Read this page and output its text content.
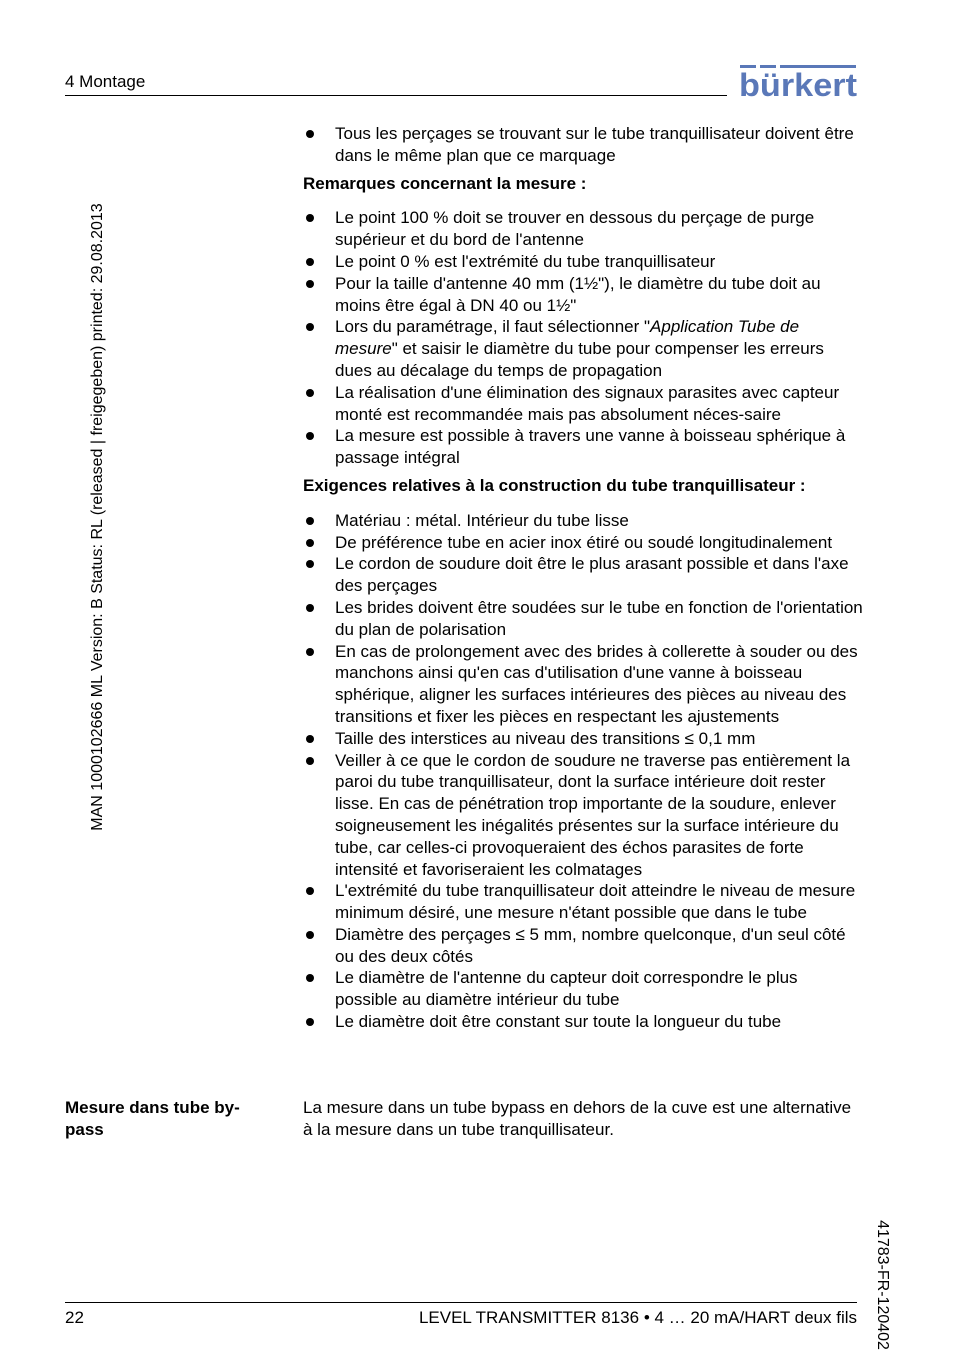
4 Montage	bürkert
MAN 1000102666 ML Version: B Status: RL (released | freigegeben) printed: 29.08.2013
41783-FR-120402
Tous les perçages se trouvant sur le tube tranquillisateur doivent être dans le même plan que ce marquage
Remarques concernant la mesure :
Le point 100 % doit se trouver en dessous du perçage de purge supérieur et du bord de l'antenne
Le point 0 % est l'extrémité du tube tranquillisateur
Pour la taille d'antenne 40 mm (1½"), le diamètre du tube doit au moins être égal à DN 40 ou 1½"
Lors du paramétrage, il faut sélectionner "Application Tube de mesure" et saisir le diamètre du tube pour compenser les erreurs dues au décalage du temps de propagation
La réalisation d'une élimination des signaux parasites avec capteur monté est recommandée mais pas absolument néces-saire
La mesure est possible à travers une vanne à boisseau sphérique à passage intégral
Exigences relatives à la construction du tube tranquillisateur :
Matériau : métal. Intérieur du tube lisse
De préférence tube en acier inox étiré ou soudé longitudinalement
Le cordon de soudure doit être le plus arasant possible et dans l'axe des perçages
Les brides doivent être soudées sur le tube en fonction de l'orientation du plan de polarisation
En cas de prolongement avec des brides à collerette à souder ou des manchons ainsi qu'en cas d'utilisation d'une vanne à boisseau sphérique, aligner les surfaces intérieures des pièces au niveau des transitions et fixer les pièces en respectant les ajustements
Taille des interstices au niveau des transitions ≤ 0,1 mm
Veiller à ce que le cordon de soudure ne traverse pas entièrement la paroi du tube tranquillisateur, dont la surface intérieure doit rester lisse. En cas de pénétration trop importante de la soudure, enlever soigneusement les inégalités présentes sur la surface intérieure du tube, car celles-ci provoqueraient des échos parasites de forte intensité et favoriseraient les colmatages
L'extrémité du tube tranquillisateur doit atteindre le niveau de mesure minimum désiré, une mesure n'étant possible que dans le tube
Diamètre des perçages ≤ 5 mm, nombre quelconque, d'un seul côté ou des deux côtés
Le diamètre de l'antenne du capteur doit correspondre le plus possible au diamètre intérieur du tube
Le diamètre doit être constant sur toute la longueur du tube
Mesure dans tube by-pass
La mesure dans un tube bypass en dehors de la cuve est une alternative à la mesure dans un tube tranquillisateur.
22	LEVEL TRANSMITTER 8136 • 4 … 20 mA/HART deux fils
